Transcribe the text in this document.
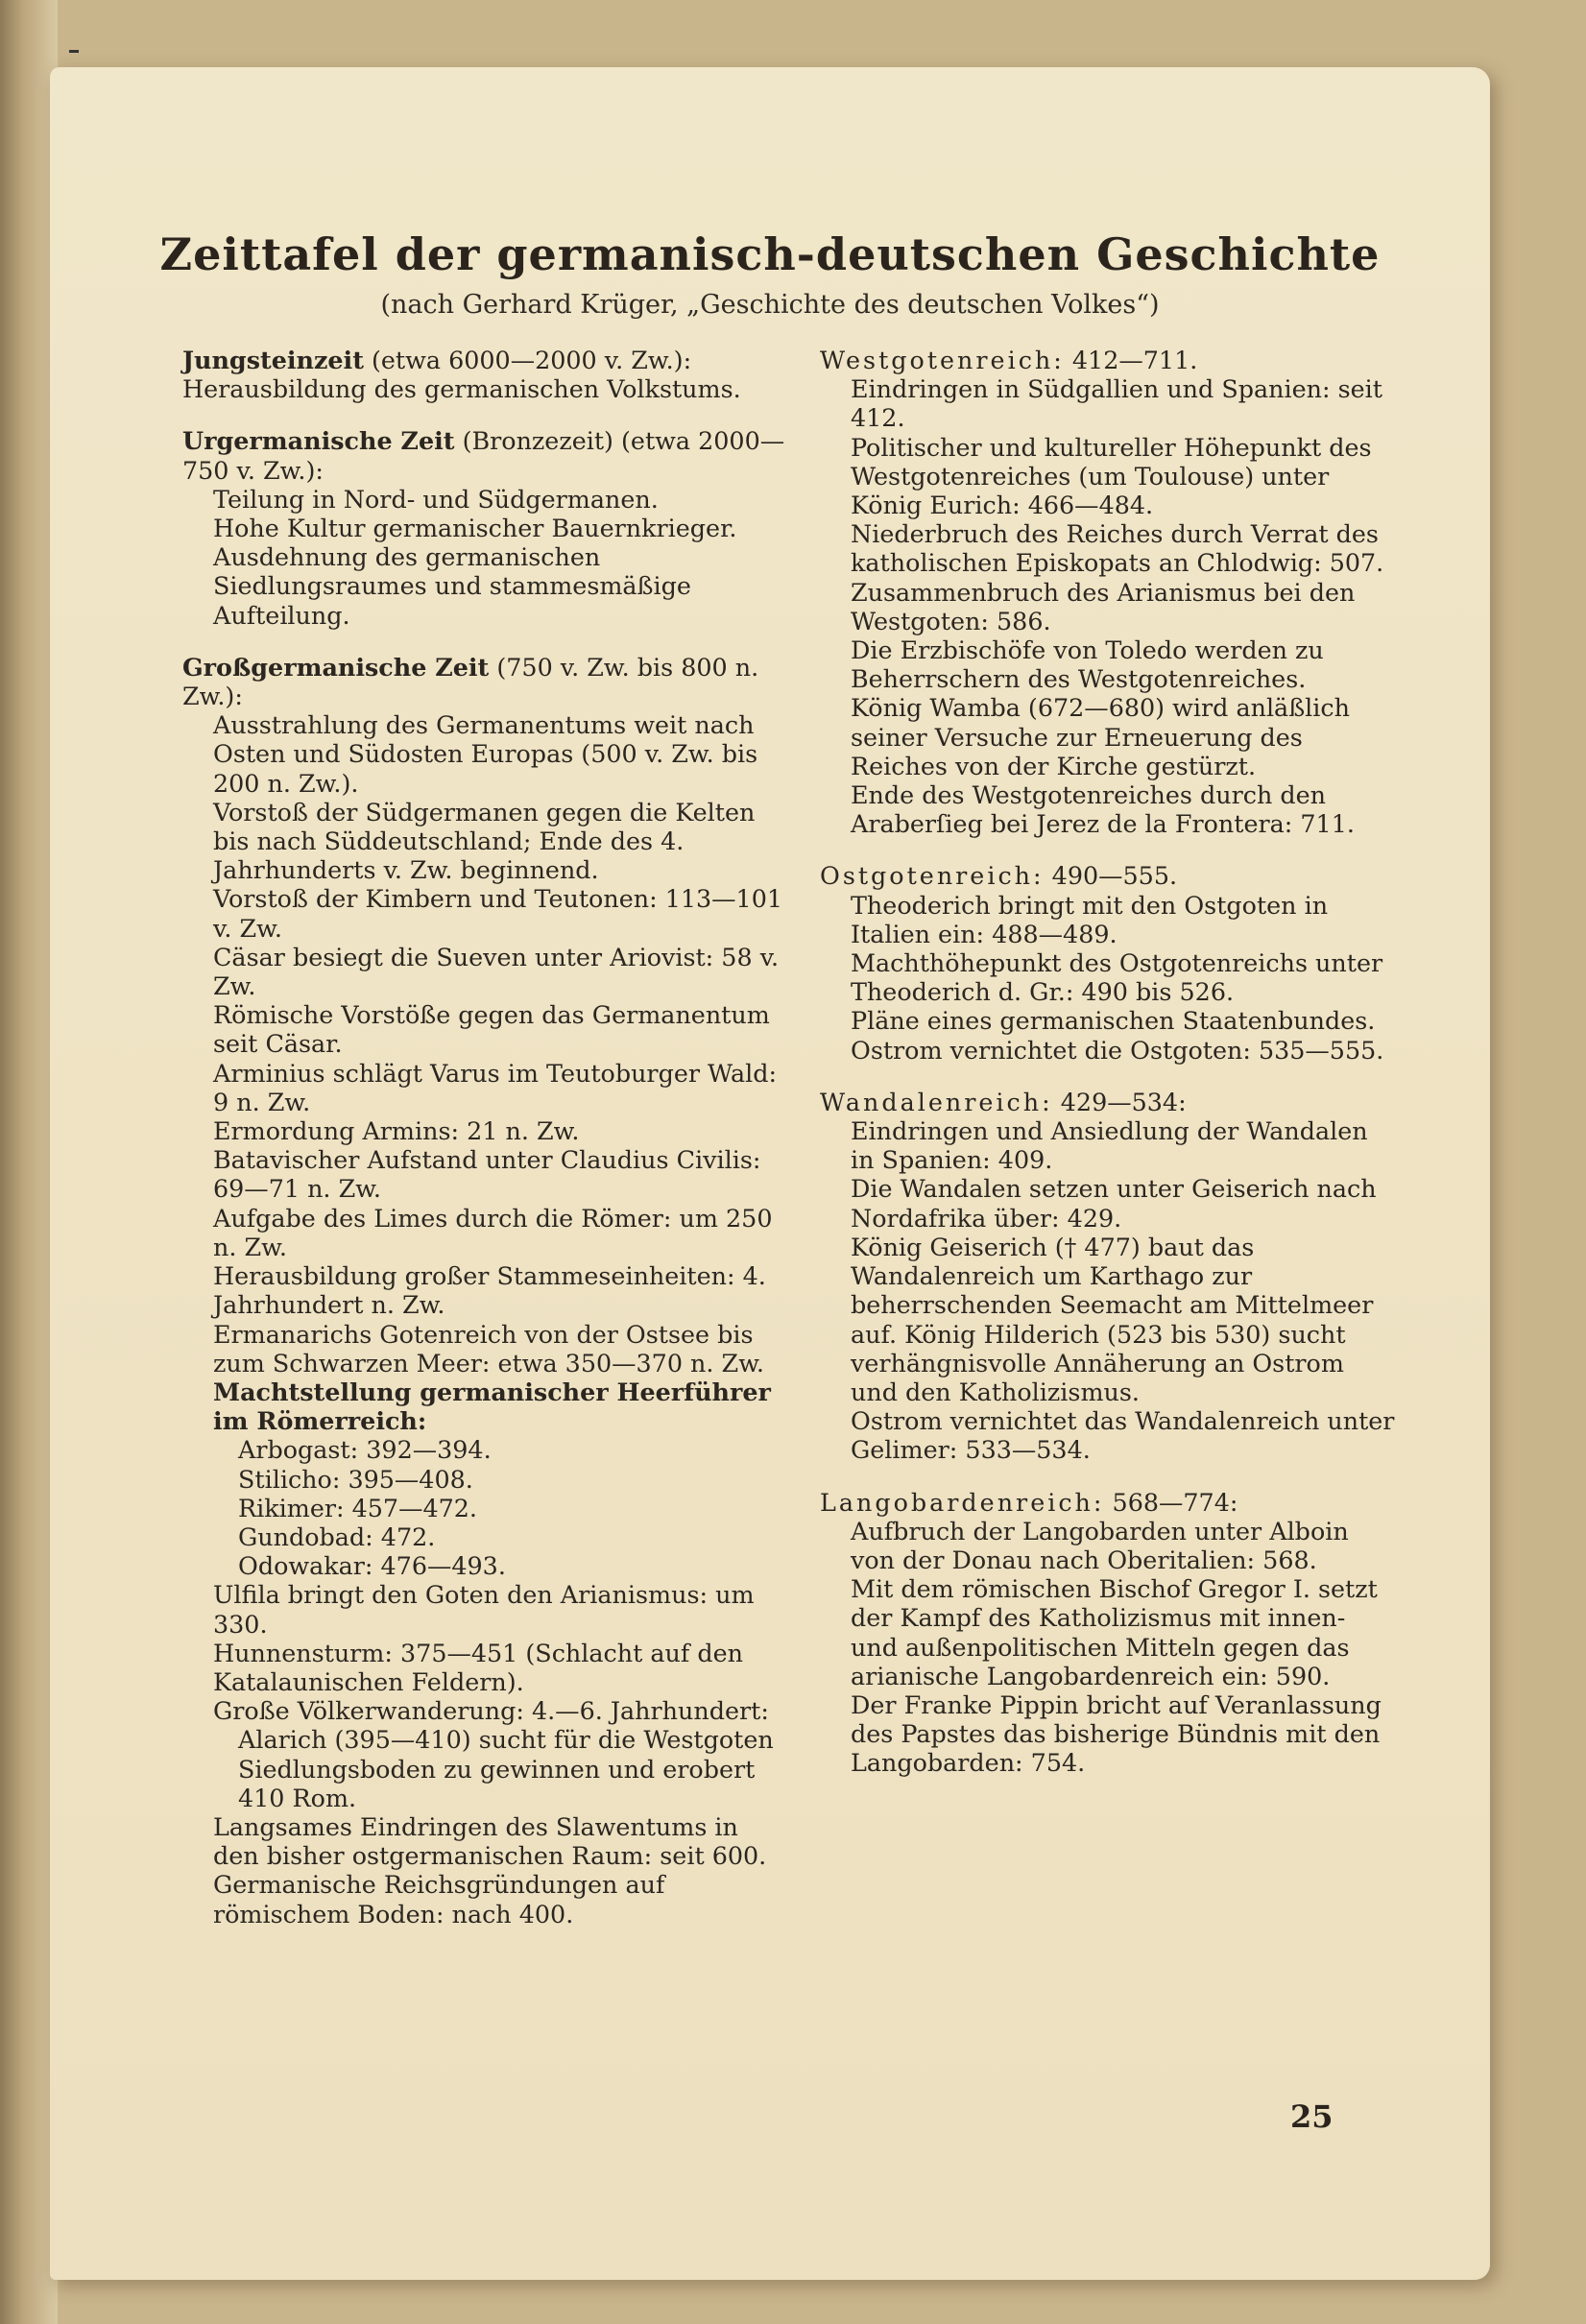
Zeittafel der germanisch-deutschen Geschichte

(nach Gerhard Krüger, „Geschichte des deutschen Volkes“)

Jungsteinzeit (etwa 6000—2000 v. Zw.):

Herausbildung des germanischen Volkstums.

Urgermanische Zeit (Bronzezeit) (etwa 2000—750 v. Zw.):

Teilung in Nord- und Südgermanen.

Hohe Kultur germanischer Bauernkrieger.

Ausdehnung des germanischen Siedlungsraumes und stammesmäßige Aufteilung.

Großgermanische Zeit (750 v. Zw. bis 800 n. Zw.):

Ausstrahlung des Germanentums weit nach Osten und Südosten Europas (500 v. Zw. bis 200 n. Zw.).

Vorstoß der Südgermanen gegen die Kelten bis nach Süddeutschland; Ende des 4. Jahrhunderts v. Zw. beginnend.

Vorstoß der Kimbern und Teutonen: 113—101 v. Zw.

Cäsar besiegt die Sueven unter Ariovist: 58 v. Zw.

Römische Vorstöße gegen das Germanentum seit Cäsar.

Arminius schlägt Varus im Teutoburger Wald: 9 n. Zw.

Ermordung Armins: 21 n. Zw.

Batavischer Aufstand unter Claudius Civilis: 69—71 n. Zw.

Aufgabe des Limes durch die Römer: um 250 n. Zw.

Herausbildung großer Stammeseinheiten: 4. Jahrhundert n. Zw.

Ermanarichs Gotenreich von der Ostsee bis zum Schwarzen Meer: etwa 350—370 n. Zw.

Machtstellung germanischer Heerführer im Römerreich:

Arbogast: 392—394.

Stilicho: 395—408.

Rikimer: 457—472.

Gundobad: 472.

Odowakar: 476—493.

Ulfila bringt den Goten den Arianismus: um 330.

Hunnensturm: 375—451 (Schlacht auf den Katalaunischen Feldern).

Große Völkerwanderung: 4.—6. Jahrhundert:

Alarich (395—410) sucht für die Westgoten Siedlungsboden zu gewinnen und erobert 410 Rom.

Langsames Eindringen des Slawentums in den bisher ostgermanischen Raum: seit 600.

Germanische Reichsgründungen auf römischem Boden: nach 400.

Westgotenreich: 412—711.

Eindringen in Südgallien und Spanien: seit 412.

Politischer und kultureller Höhepunkt des Westgotenreiches (um Toulouse) unter König Eurich: 466—484.

Niederbruch des Reiches durch Verrat des katholischen Episkopats an Chlodwig: 507.

Zusammenbruch des Arianismus bei den Westgoten: 586.

Die Erzbischöfe von Toledo werden zu Beherrschern des Westgotenreiches.

König Wamba (672—680) wird anläßlich seiner Versuche zur Erneuerung des Reiches von der Kirche gestürzt.

Ende des Westgotenreiches durch den Araberſieg bei Jerez de la Frontera: 711.

Ostgotenreich: 490—555.

Theoderich bringt mit den Ostgoten in Italien ein: 488—489.

Machthöhepunkt des Ostgotenreichs unter Theoderich d. Gr.: 490 bis 526.

Pläne eines germanischen Staatenbundes.

Ostrom vernichtet die Ostgoten: 535—555.

Wandalenreich: 429—534:

Eindringen und Ansiedlung der Wandalen in Spanien: 409.

Die Wandalen setzen unter Geiserich nach Nordafrika über: 429.

König Geiserich († 477) baut das Wandalenreich um Karthago zur beherrschenden Seemacht am Mittelmeer auf. König Hilderich (523 bis 530) sucht verhängnisvolle Annäherung an Ostrom und den Katholizismus.

Ostrom vernichtet das Wandalenreich unter Gelimer: 533—534.

Langobardenreich: 568—774:

Aufbruch der Langobarden unter Alboin von der Donau nach Oberitalien: 568.

Mit dem römischen Bischof Gregor I. setzt der Kampf des Katholizismus mit innen- und außenpolitischen Mitteln gegen das arianische Langobardenreich ein: 590.

Der Franke Pippin bricht auf Veranlassung des Papstes das bisherige Bündnis mit den Langobarden: 754.

25
